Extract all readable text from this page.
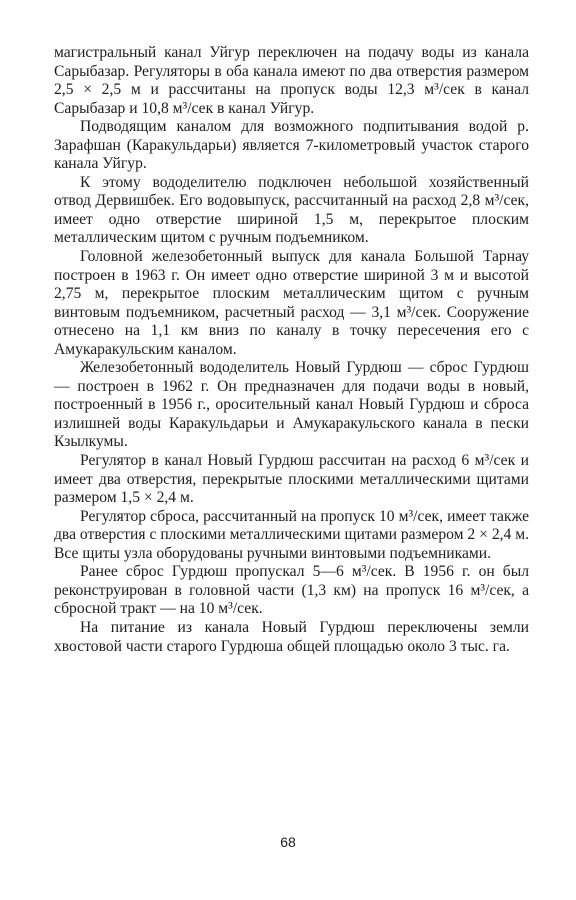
магистральный канал Уйгур переключен на подачу воды из канала Сарыбазар. Регуляторы в оба канала имеют по два отверстия размером 2,5 × 2,5 м и рассчитаны на пропуск воды 12,3 м³/сек в канал Сарыбазар и 10,8 м³/сек в канал Уйгур.

Подводящим каналом для возможного подпитывания водой р. Зарафшан (Каракульдарьи) является 7-километровый участок старого канала Уйгур.

К этому вододелителю подключен небольшой хозяйственный отвод Дервишбек. Его водовыпуск, рассчитанный на расход 2,8 м³/сек, имеет одно отверстие шириной 1,5 м, перекрытое плоским металлическим щитом с ручным подъемником.

Головной железобетонный выпуск для канала Большой Тарнау построен в 1963 г. Он имеет одно отверстие шириной 3 м и высотой 2,75 м, перекрытое плоским металлическим щитом с ручным винтовым подъемником, расчетный расход — 3,1 м³/сек. Сооружение отнесено на 1,1 км вниз по каналу в точку пересечения его с Амукаракульским каналом.

Железобетонный вододелитель Новый Гурдюш — сброс Гурдюш — построен в 1962 г. Он предназначен для подачи воды в новый, построенный в 1956 г., оросительный канал Новый Гурдюш и сброса излишней воды Каракульдарьи и Амукаракульского канала в пески Кзылкумы.

Регулятор в канал Новый Гурдюш рассчитан на расход 6 м³/сек и имеет два отверстия, перекрытые плоскими металлическими щитами размером 1,5 × 2,4 м.

Регулятор сброса, рассчитанный на пропуск 10 м³/сек, имеет также два отверстия с плоскими металлическими щитами размером 2 × 2,4 м. Все щиты узла оборудованы ручными винтовыми подъемниками.

Ранее сброс Гурдюш пропускал 5—6 м³/сек. В 1956 г. он был реконструирован в головной части (1,3 км) на пропуск 16 м³/сек, а сбросной тракт — на 10 м³/сек.

На питание из канала Новый Гурдюш переключены земли хвостовой части старого Гурдюша общей площадью около 3 тыс. га.

68
